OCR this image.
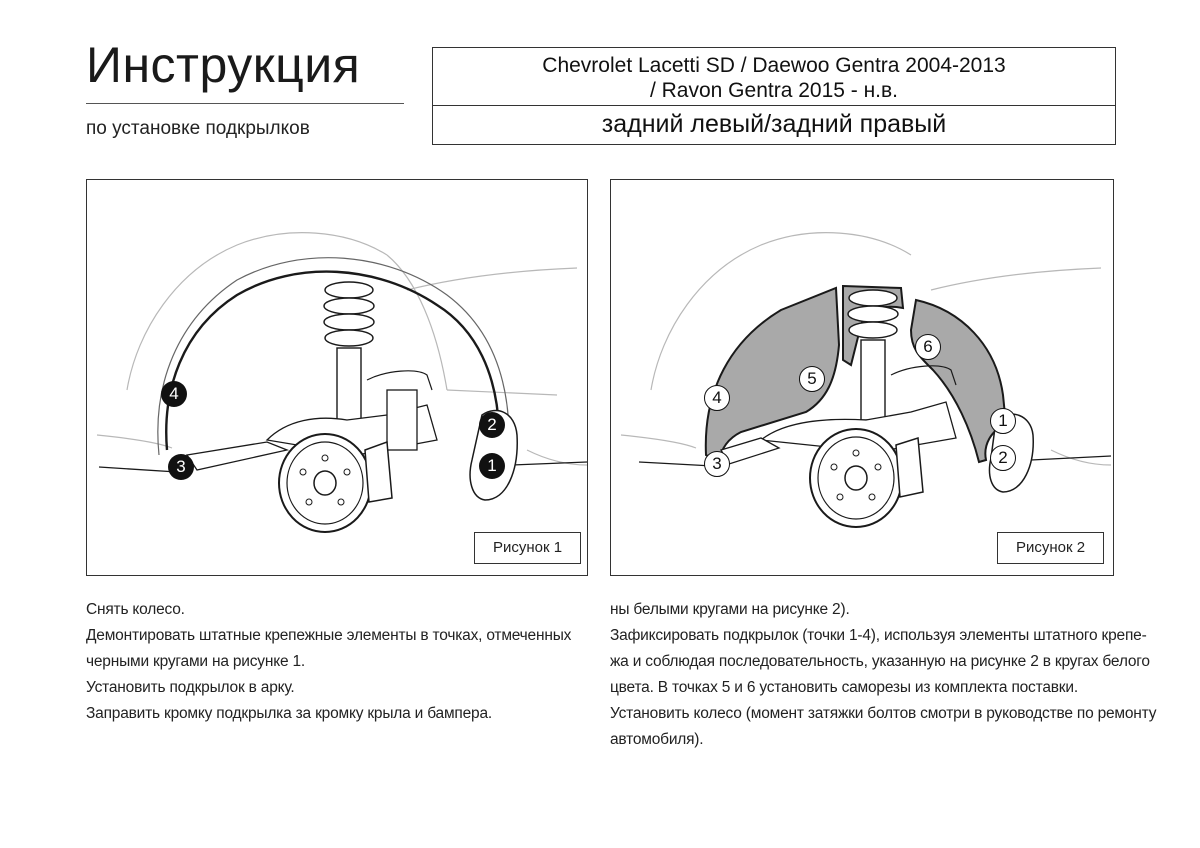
Инструкция
по установке подкрылков
Chevrolet Lacetti SD / Daewoo Gentra 2004-2013
/ Ravon Gentra 2015 - н.в.
задний левый/задний правый
1
2
3
4
Рисунок 1
1
2
3
4
5
6
Рисунок 2

Снять колесо.

Демонтировать штатные крепежные элементы в точках, отмеченных

черными кругами на рисунке 1.

Установить подкрылок в арку.

Заправить кромку подкрылка за кромку крыла и бампера.

ны белыми кругами на рисунке 2).

Зафиксировать подкрылок (точки 1-4), используя элементы штатного крепе-

жа и соблюдая последовательность, указанную на рисунке 2 в кругах белого

цвета. В точках 5 и 6 установить саморезы из комплекта поставки.

Установить колесо (момент затяжки болтов смотри в руководстве по ремонту

автомобиля).
